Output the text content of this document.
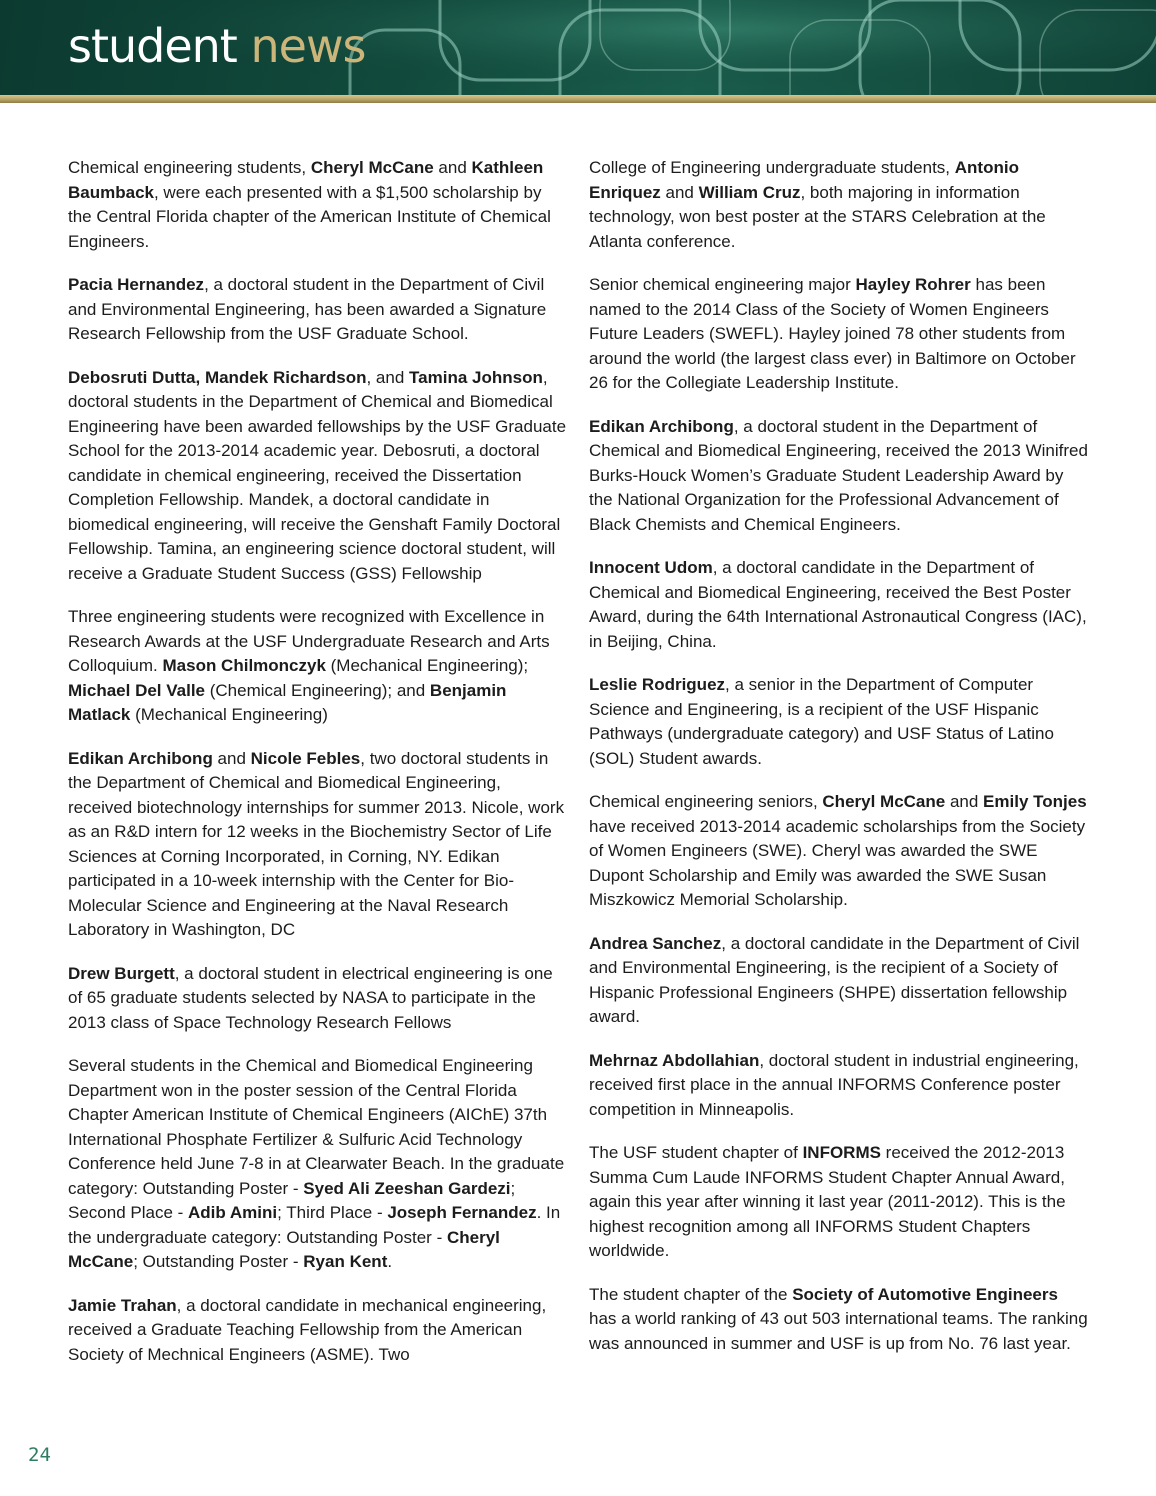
student news

Chemical engineering students, Cheryl McCane and Kathleen Baumback, were each presented with a $1,500 scholarship by the Central Florida chapter of the American Institute of Chemical Engineers.

Pacia Hernandez, a doctoral student in the Department of Civil and Environmental Engineering, has been awarded a Signature Research Fellowship from the USF Graduate School.

Debosruti Dutta, Mandek Richardson, and Tamina Johnson, doctoral students in the Department of Chemical and Biomedical Engineering have been awarded fellowships by the USF Graduate School for the 2013-2014 academic year. Debosruti, a doctoral candidate in chemical engineering, received the Dissertation Completion Fellowship. Mandek, a doctoral candidate in biomedical engineering, will receive the Genshaft Family Doctoral Fellowship. Tamina, an engineering science doctoral student, will receive a Graduate Student Success (GSS) Fellowship

Three engineering students were recognized with Excellence in Research Awards at the USF Undergraduate Research and Arts Colloquium. Mason Chilmonczyk (Mechanical Engineering); Michael Del Valle (Chemical Engineering); and Benjamin Matlack (Mechanical Engineering)

Edikan Archibong and Nicole Febles, two doctoral students in the Department of Chemical and Biomedical Engineering, received biotechnology internships for summer 2013. Nicole, work as an R&D intern for 12 weeks in the Biochemistry Sector of Life Sciences at Corning Incorporated, in Corning, NY. Edikan participated in a 10-week internship with the Center for Bio-Molecular Science and Engineering at the Naval Research Laboratory in Washington, DC

Drew Burgett, a doctoral student in electrical engineering is one of 65 graduate students selected by NASA to participate in the 2013 class of Space Technology Research Fellows

Several students in the Chemical and Biomedical Engineering Department won in the poster session of the Central Florida Chapter American Institute of Chemical Engineers (AIChE) 37th International Phosphate Fertilizer & Sulfuric Acid Technology Conference held June 7-8 in at Clearwater Beach. In the graduate category: Outstanding Poster - Syed Ali Zeeshan Gardezi; Second Place - Adib Amini; Third Place - Joseph Fernandez. In the undergraduate category: Outstanding Poster - Cheryl McCane; Outstanding Poster - Ryan Kent.

Jamie Trahan, a doctoral candidate in mechanical engineering, received a Graduate Teaching Fellowship from the American Society of Mechnical Engineers (ASME). Two

College of Engineering undergraduate students, Antonio Enriquez and William Cruz, both majoring in information technology, won best poster at the STARS Celebration at the Atlanta conference.

Senior chemical engineering major Hayley Rohrer has been named to the 2014 Class of the Society of Women Engineers Future Leaders (SWEFL). Hayley joined 78 other students from around the world (the largest class ever) in Baltimore on October 26 for the Collegiate Leadership Institute.

Edikan Archibong, a doctoral student in the Department of Chemical and Biomedical Engineering, received the 2013 Winifred Burks-Houck Women’s Graduate Student Leadership Award by the National Organization for the Professional Advancement of Black Chemists and Chemical Engineers.

Innocent Udom, a doctoral candidate in the Department of Chemical and Biomedical Engineering, received the Best Poster Award, during the 64th International Astronautical Congress (IAC), in Beijing, China.

Leslie Rodriguez, a senior in the Department of Computer Science and Engineering, is a recipient of the USF Hispanic Pathways (undergraduate category) and USF Status of Latino (SOL) Student awards.

Chemical engineering seniors, Cheryl McCane and Emily Tonjes have received 2013-2014 academic scholarships from the Society of Women Engineers (SWE). Cheryl was awarded the SWE Dupont Scholarship and Emily was awarded the SWE Susan Miszkowicz Memorial Scholarship.

Andrea Sanchez, a doctoral candidate in the Department of Civil and Environmental Engineering, is the recipient of a Society of Hispanic Professional Engineers (SHPE) dissertation fellowship award.

Mehrnaz Abdollahian, doctoral student in industrial engineering, received first place in the annual INFORMS Conference poster competition in Minneapolis.

The USF student chapter of INFORMS received the 2012-2013 Summa Cum Laude INFORMS Student Chapter Annual Award, again this year after winning it last year (2011-2012). This is the highest recognition among all INFORMS Student Chapters worldwide.

The student chapter of the Society of Automotive Engineers has a world ranking of 43 out 503 international teams. The ranking was announced in summer and USF is up from No. 76 last year.

24
